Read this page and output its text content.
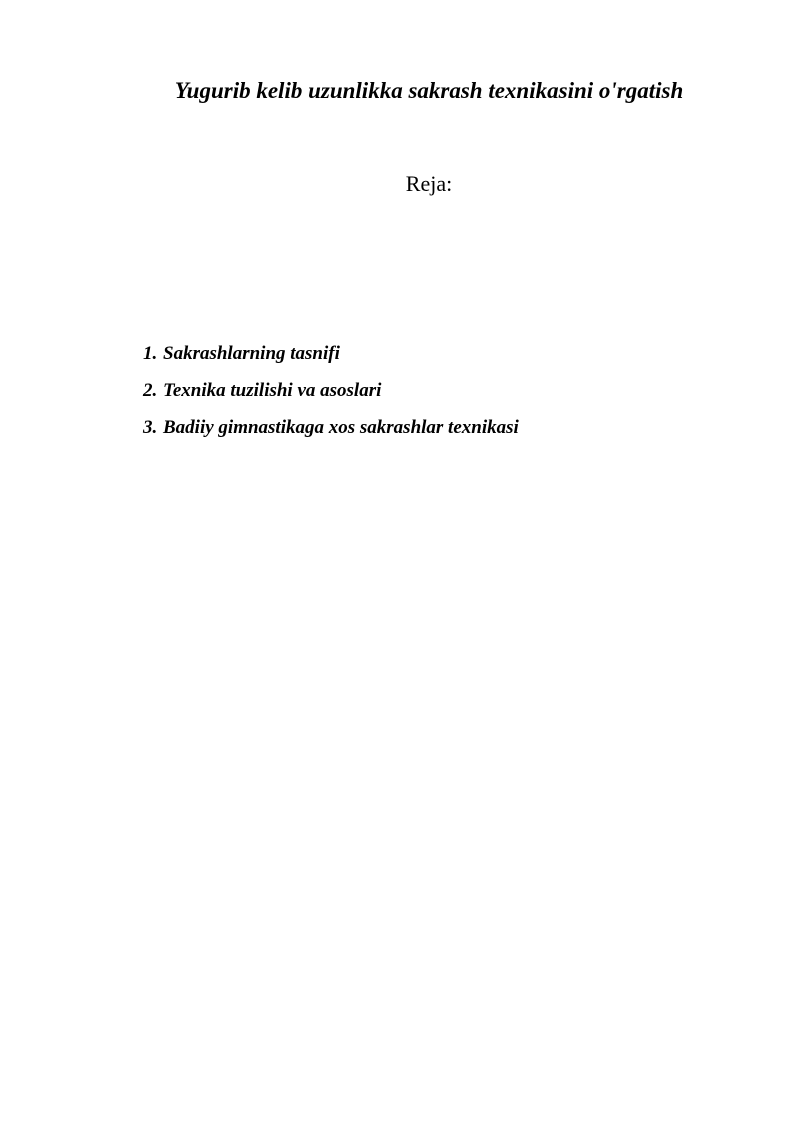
Yugurib kelib uzunlikka sakrash texnikasini o'rgatish
Reja:
1. Sakrashlarning tasnifi
2. Texnika tuzilishi va asoslari
3. Badiiy gimnastikaga xos sakrashlar texnikasi
